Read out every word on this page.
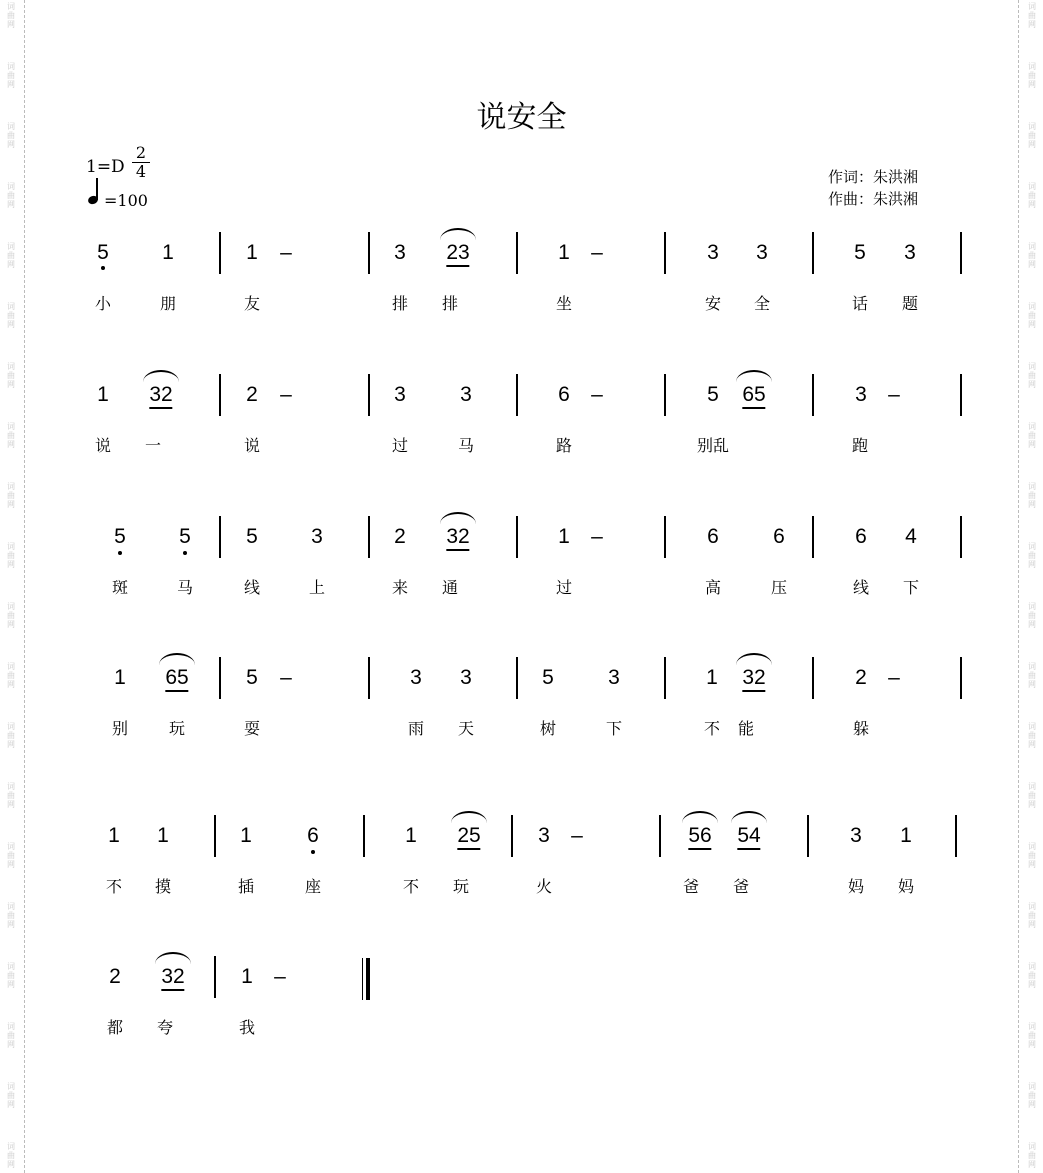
词
曲
网
词
曲
网
词
曲
网
词
曲
网
词
曲
网
词
曲
网
词
曲
网
词
曲
网
词
曲
网
词
曲
网
词
曲
网
词
曲
网
词
曲
网
词
曲
网
词
曲
网
词
曲
网
词
曲
网
词
曲
网
词
曲
网
词
曲
网
词
曲
网
词
曲
网
词
曲
网
词
曲
网
词
曲
网
词
曲
网
词
曲
网
词
曲
网
词
曲
网
词
曲
网
词
曲
网
词
曲
网
词
曲
网
词
曲
网
词
曲
网
词
曲
网
词
曲
网
词
曲
网
词
曲
网
词
曲
网
说安全
$1=D \frac{2}{4}$
=100
作词：朱洪湘
作曲：朱洪湘
5	1	1 –	3 23	1 –	3 3	5 3
小	朋	友	排 排	坐	安 全	话 题
1 32	2 –	3	3	6 –	5 65	3 –
说 一	说	过	马	路	别乱	跑
5	5	5	3	2 32	1 –	6	6	6 4
斑	马	线	上	来 通	过	高	压	线 下
1 65	5 –	3 3	5	3	1 32	2 –
别	玩	耍	雨 天	树	下	不 能	躲
1 1	1	6	1 25	3 –	56 54	3 1
不 摸	插	座	不 玩	火	爸 爸	妈 妈
2 32	1 –
都 夸	我
